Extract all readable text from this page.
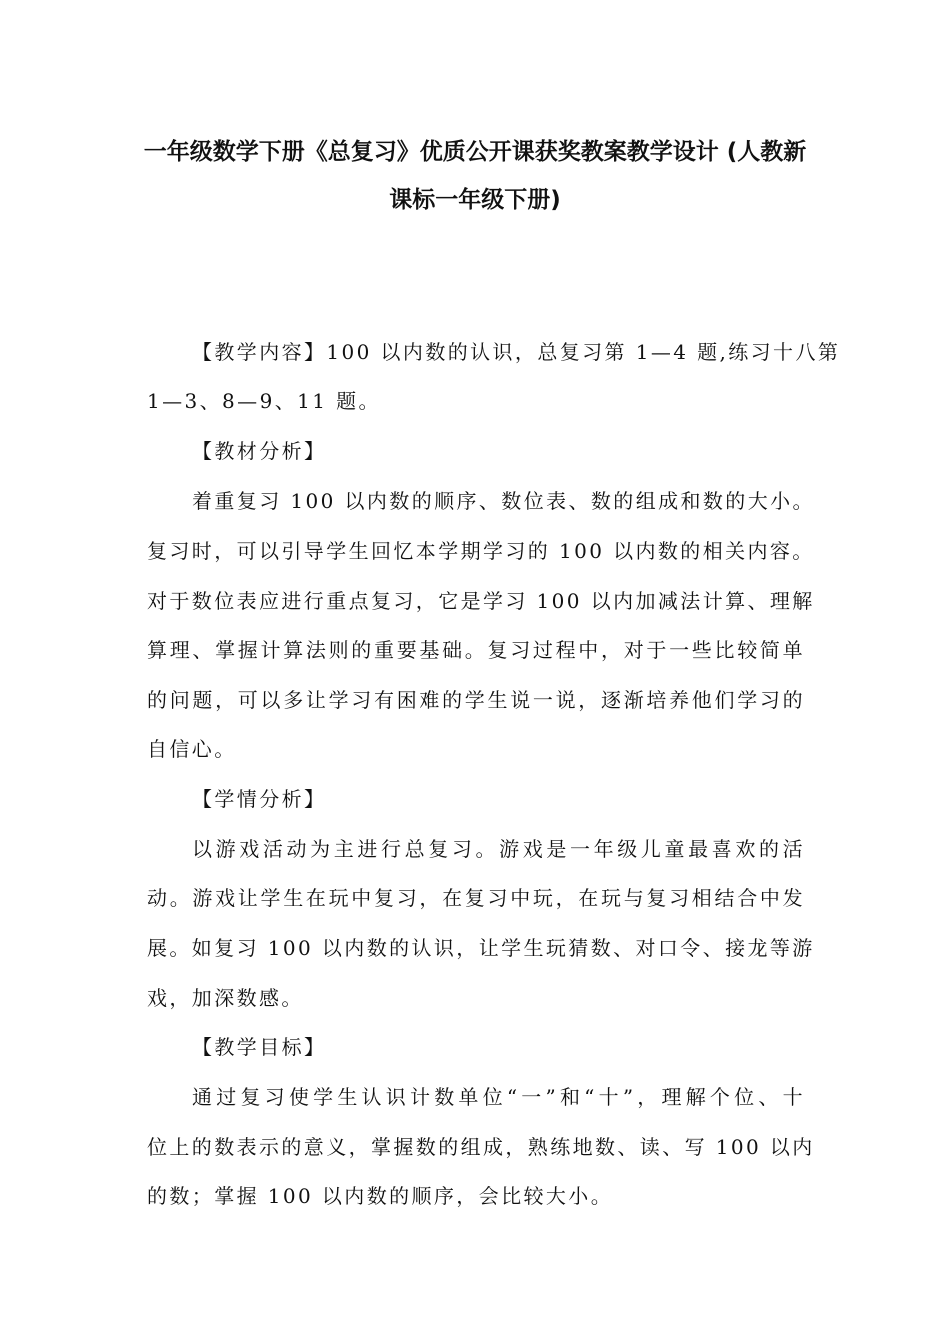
一年级数学下册《总复习》优质公开课获奖教案教学设计 (人教新
课标一年级下册)
【教学内容】100 以内数的认识，总复习第 1—4 题,练习十八第
1—3、8—9、11 题。
【教材分析】
着重复习 100 以内数的顺序、数位表、数的组成和数的大小。
复习时，可以引导学生回忆本学期学习的 100 以内数的相关内容。
对于数位表应进行重点复习，它是学习 100 以内加减法计算、理解
算理、掌握计算法则的重要基础。复习过程中，对于一些比较简单
的问题，可以多让学习有困难的学生说一说，逐渐培养他们学习的
自信心。
【学情分析】
以游戏活动为主进行总复习。游戏是一年级儿童最喜欢的活
动。游戏让学生在玩中复习，在复习中玩，在玩与复习相结合中发
展。如复习 100 以内数的认识，让学生玩猜数、对口令、接龙等游
戏，加深数感。
【教学目标】
通过复习使学生认识计数单位“一”和“十”，理解个位、十
位上的数表示的意义，掌握数的组成，熟练地数、读、写 100 以内
的数；掌握 100 以内数的顺序，会比较大小。
